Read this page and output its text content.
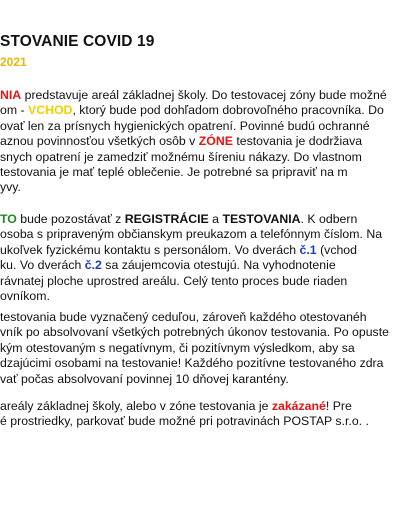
STOVANIE COVID 19
2021
NIA predstavuje areál základnej školy. Do testovacej zóny bude možné
om - VCHOD, ktorý bude pod dohľadom dobrovoľného pracovníka. Do
ovať len za prísnych hygienických opatrení. Povinné budú ochranné
aznou povinnosťou všetkých osôb v ZÓNE testovania je dodržiava
snych opatrení je zamedziť možnému šíreniu nákazy. Do vlastnom
testovania je mať teplé oblečenie. Je potrebné sa pripraviť na m
yvy.
TO bude pozostávať z REGISTRÁCIE a TESTOVANIA. K odbern
osoba s pripraveným občianskym preukazom a telefónnym číslom. Na
ukoľvek fyzickému kontaktu s personálom. Vo dverách č.1 (vchod
ku. Vo dverách č.2 sa záujemcovia otestujú. Na vyhodnotenie
rávnatej ploche uprostred areálu. Celý tento proces bude riaden
ovníkom.
testovania bude vyznačený ceduľou, zároveň každého otestovanéh
vník po absolvovaní všetkých potrebných úkonov testovania. Po opuste
kým otestovaným s negatívnym, či pozitívnym výsledkom, aby sa
dzajúcimi osobami na testovanie! Každého pozitívne testovaného zdra
vať počas absolvovaní povinnej 10 dňovej karantény.
areály základnej školy, alebo v zóne testovania je zakázané! Pre
é prostriedky, parkovať bude možné pri potravinách POSTAP s.r.o. .
